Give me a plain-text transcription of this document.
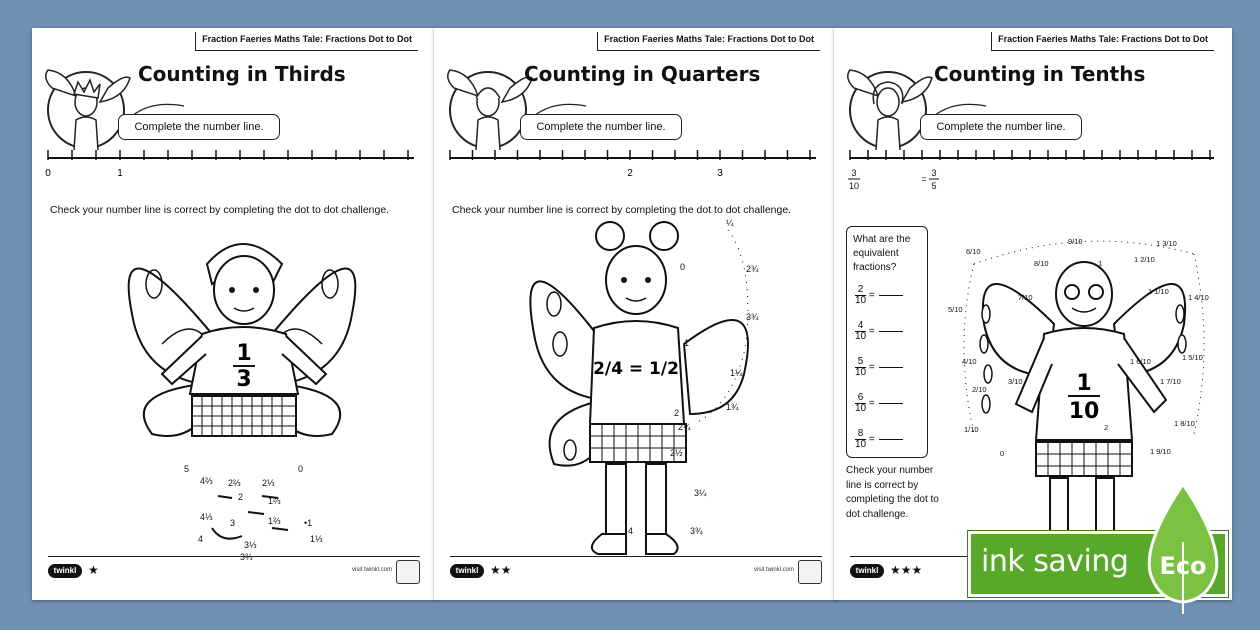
Fraction Faeries Maths Tale: Fractions Dot to Dot
Counting in Thirds
Complete the number line.
0	1
Check your number line is correct by completing the dot to dot challenge.
1
3
5
4⅔ 2⅔ 2⅓
2	1⅔
0
4⅓
3	1⅔	•1
4
3⅓
1⅓
3⅔
twinkl ★	visit twinkl.com
Fraction Faeries Maths Tale: Fractions Dot to Dot
Counting in Quarters
Complete the number line.
2	3
Check your number line is correct by completing the dot to dot challenge.
2/4 = 1/2
¼
0	2¾
3¾
1
1¼
1¾
2
2¼
2½
3¼
4	3¾
twinkl ★★	visit twinkl.com
Fraction Faeries Maths Tale: Fractions Dot to Dot
Counting in Tenths
Complete the number line.
3
10
=
3
5
What are the equivalent fractions?
$\frac{2}{10}$ =
$\frac{4}{10}$ =
$\frac{5}{10}$ =
$\frac{6}{10}$ =
$\frac{8}{10}$ =
Check your number line is correct by completing the dot to dot challenge.
1
10
6/10
9/10
8/10	1
1 3/10
1 2/10
7/10
1 1/10
1 4/10
5/10
1 6/10
4/10	1 5/10
3/10
2/10
1 7/10
1/10
1 8/10
2
1 9/10
0
twinkl ★★★ ink saving Eco
